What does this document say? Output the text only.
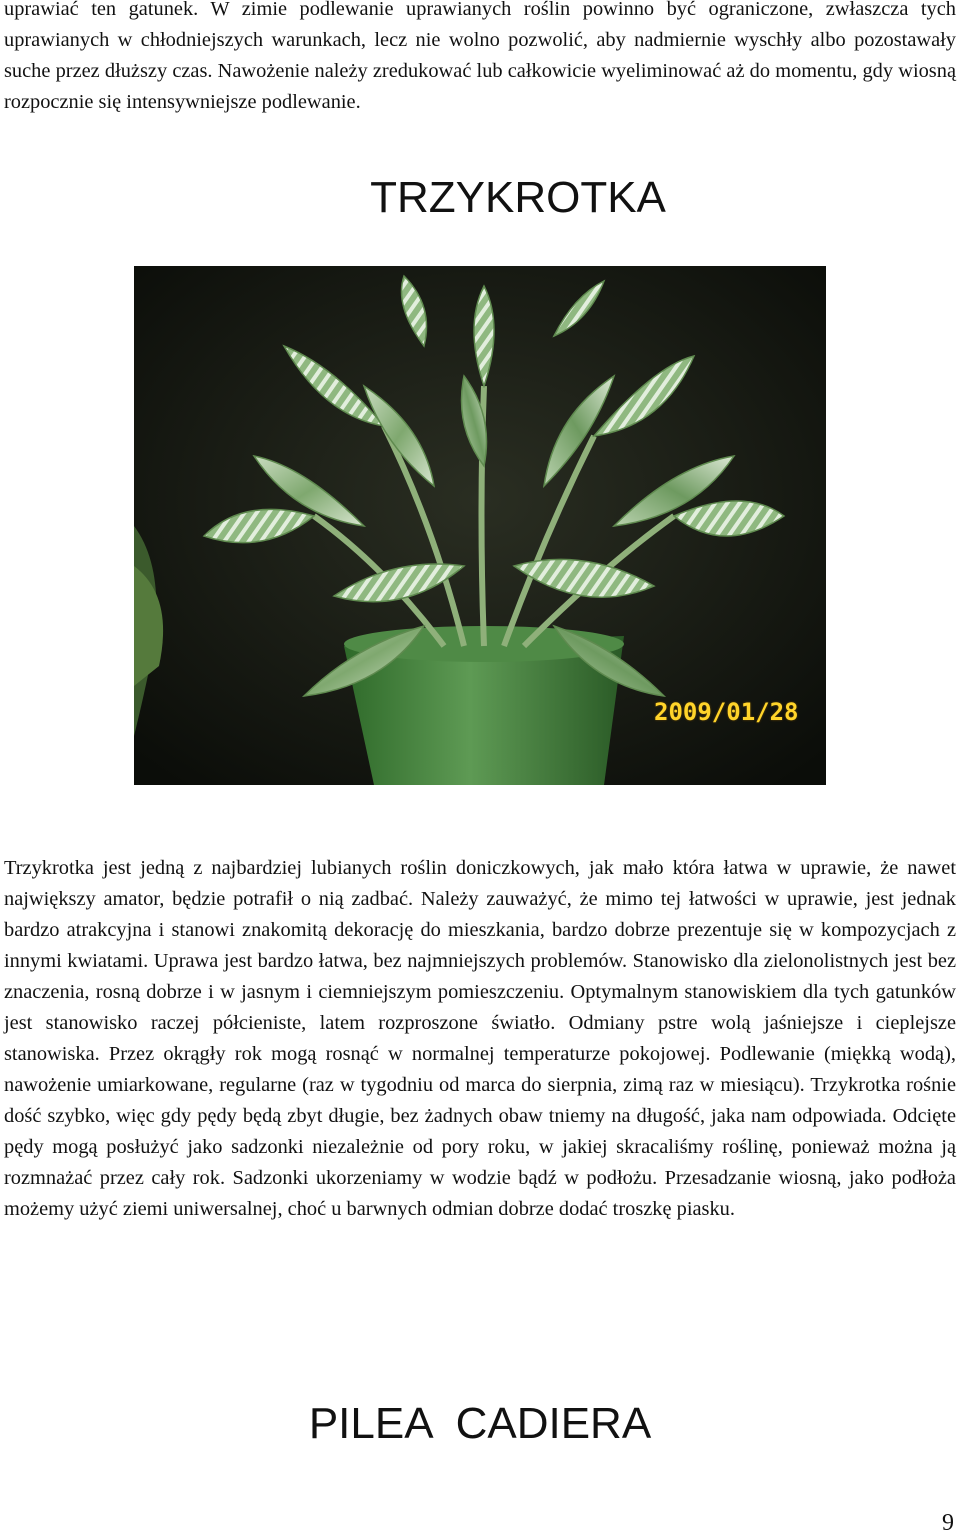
uprawiać ten gatunek. W zimie podlewanie uprawianych roślin powinno być ograniczone, zwłaszcza tych uprawianych w chłodniejszych warunkach, lecz nie wolno pozwolić, aby nadmiernie wyschły albo pozostawały suche przez dłuższy czas. Nawożenie należy zredukować lub całkowicie wyeliminować aż do momentu, gdy wiosną rozpocznie się intensywniejsze podlewanie.

TRZYKROTKA
2009/01/28

Trzykrotka jest jedną z najbardziej lubianych roślin doniczkowych, jak mało która łatwa w uprawie, że nawet największy amator, będzie potrafił o nią zadbać. Należy zauważyć, że mimo tej łatwości w uprawie, jest jednak bardzo atrakcyjna i stanowi znakomitą dekorację do mieszkania, bardzo dobrze prezentuje się w kompozycjach z innymi kwiatami. Uprawa jest bardzo łatwa, bez najmniejszych problemów. Stanowisko dla zielonolistnych jest bez znaczenia, rosną dobrze i w jasnym i ciemniejszym pomieszczeniu. Optymalnym stanowiskiem dla tych gatunków jest stanowisko raczej półcieniste, latem rozproszone światło. Odmiany pstre wolą jaśniejsze i cieplejsze stanowiska. Przez okrągły rok mogą rosnąć w normalnej temperaturze pokojowej. Podlewanie (miękką wodą), nawożenie umiarkowane, regularne (raz w tygodniu od marca do sierpnia, zimą raz w miesiącu). Trzykrotka rośnie dość szybko, więc gdy pędy będą zbyt długie, bez żadnych obaw tniemy na długość, jaka nam odpowiada. Odcięte pędy mogą posłużyć jako sadzonki niezależnie od pory roku, w jakiej skracaliśmy roślinę, ponieważ można ją rozmnażać przez cały rok. Sadzonki ukorzeniamy w wodzie bądź w podłożu. Przesadzanie wiosną, jako podłoża możemy użyć ziemi uniwersalnej, choć u barwnych odmian dobrze dodać troszkę piasku.

PILEA  CADIERA
9
